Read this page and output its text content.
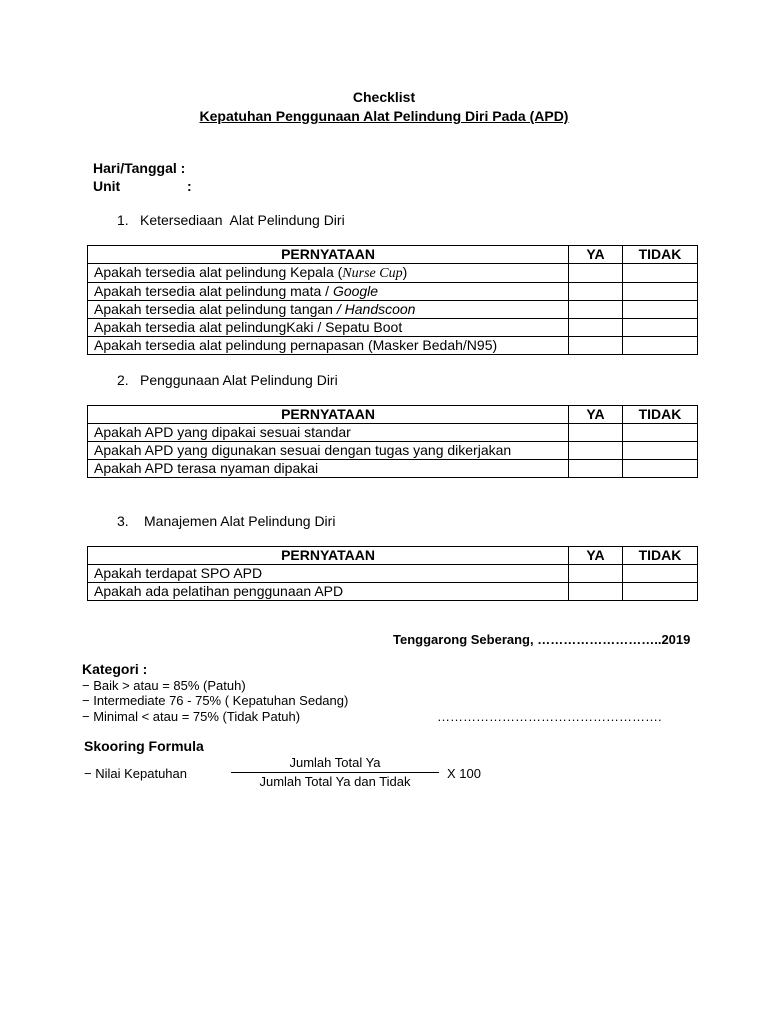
Checklist
Kepatuhan Penggunaan Alat Pelindung Diri Pada (APD)
Hari/Tanggal :
Unit	:
1. Ketersediaan  Alat Pelindung Diri
PERNYATAAN	YA	TIDAK
Apakah tersedia alat pelindung Kepala (Nurse Cup)		
Apakah tersedia alat pelindung mata / Google		
Apakah tersedia alat pelindung tangan / Handscoon		
Apakah tersedia alat pelindungKaki / Sepatu Boot		
Apakah tersedia alat pelindung pernapasan (Masker Bedah/N95)		
2. Penggunaan Alat Pelindung Diri
PERNYATAAN	YA	TIDAK
Apakah APD yang dipakai sesuai standar		
Apakah APD yang digunakan sesuai dengan tugas yang dikerjakan		
Apakah APD terasa nyaman dipakai		
3. Manajemen Alat Pelindung Diri
PERNYATAAN	YA	TIDAK
Apakah terdapat SPO APD		
Apakah ada pelatihan penggunaan APD		
Tenggarong Seberang, ………………………..2019
Kategori :
− Baik > atau = 85% (Patuh)
− Intermediate 76 - 75% ( Kepatuhan Sedang)
− Minimal < atau = 75% (Tidak Patuh)	…………………………………………….
Skooring Formula
− Nilai Kepatuhan
Jumlah Total Ya
Jumlah Total Ya dan Tidak
X 100
